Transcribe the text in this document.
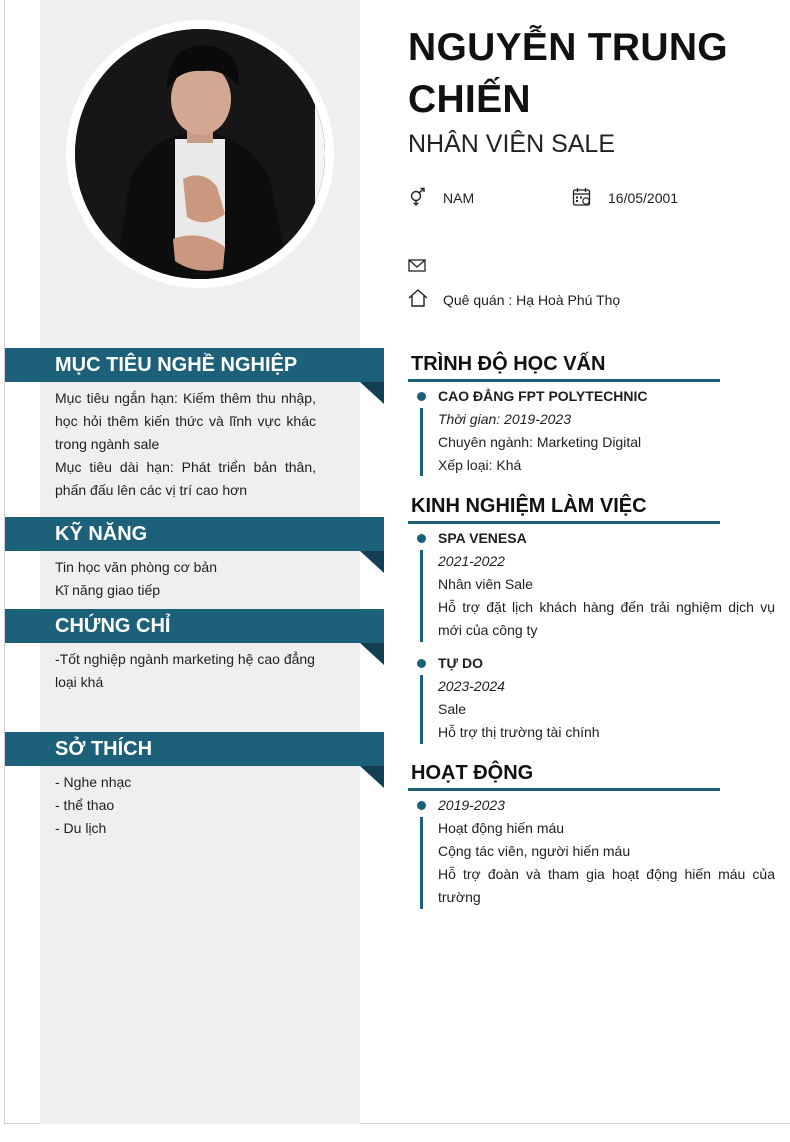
NGUYỄN TRUNG
CHIẾN
NHÂN VIÊN SALE
NAM	16/05/2001
Quê quán : Hạ Hoà Phú Thọ
MỤC TIÊU NGHỀ NGHIỆP

Mục tiêu ngắn hạn: Kiếm thêm thu nhập, học hỏi thêm kiến thức và lĩnh vực khác trong ngành sale

Mục tiêu dài hạn: Phát triển bản thân, phấn đấu lên các vị trí cao hơn

KỸ NĂNG
Tin học văn phòng cơ bản
Kĩ năng giao tiếp
CHỨNG CHỈ
-Tốt nghiệp ngành marketing hệ cao đẳng loại khá
SỞ THÍCH
- Nghe nhạc
- thể thao
- Du lịch
TRÌNH ĐỘ HỌC VẤN
CAO ĐẲNG FPT POLYTECHNIC
Thời gian: 2019-2023
Chuyên ngành: Marketing Digital
Xếp loại: Khá
KINH NGHIỆM LÀM VIỆC
SPA VENESA
2021-2022
Nhân viên Sale
Hỗ trợ đặt lịch khách hàng đến trải nghiệm dịch vụ mới của công ty
TỰ DO
2023-2024
Sale
Hỗ trợ thị trường tài chính
HOẠT ĐỘNG
2019-2023
Hoạt động hiến máu
Cộng tác viên, người hiến máu
Hỗ trợ đoàn và tham gia hoạt động hiến máu của trường
